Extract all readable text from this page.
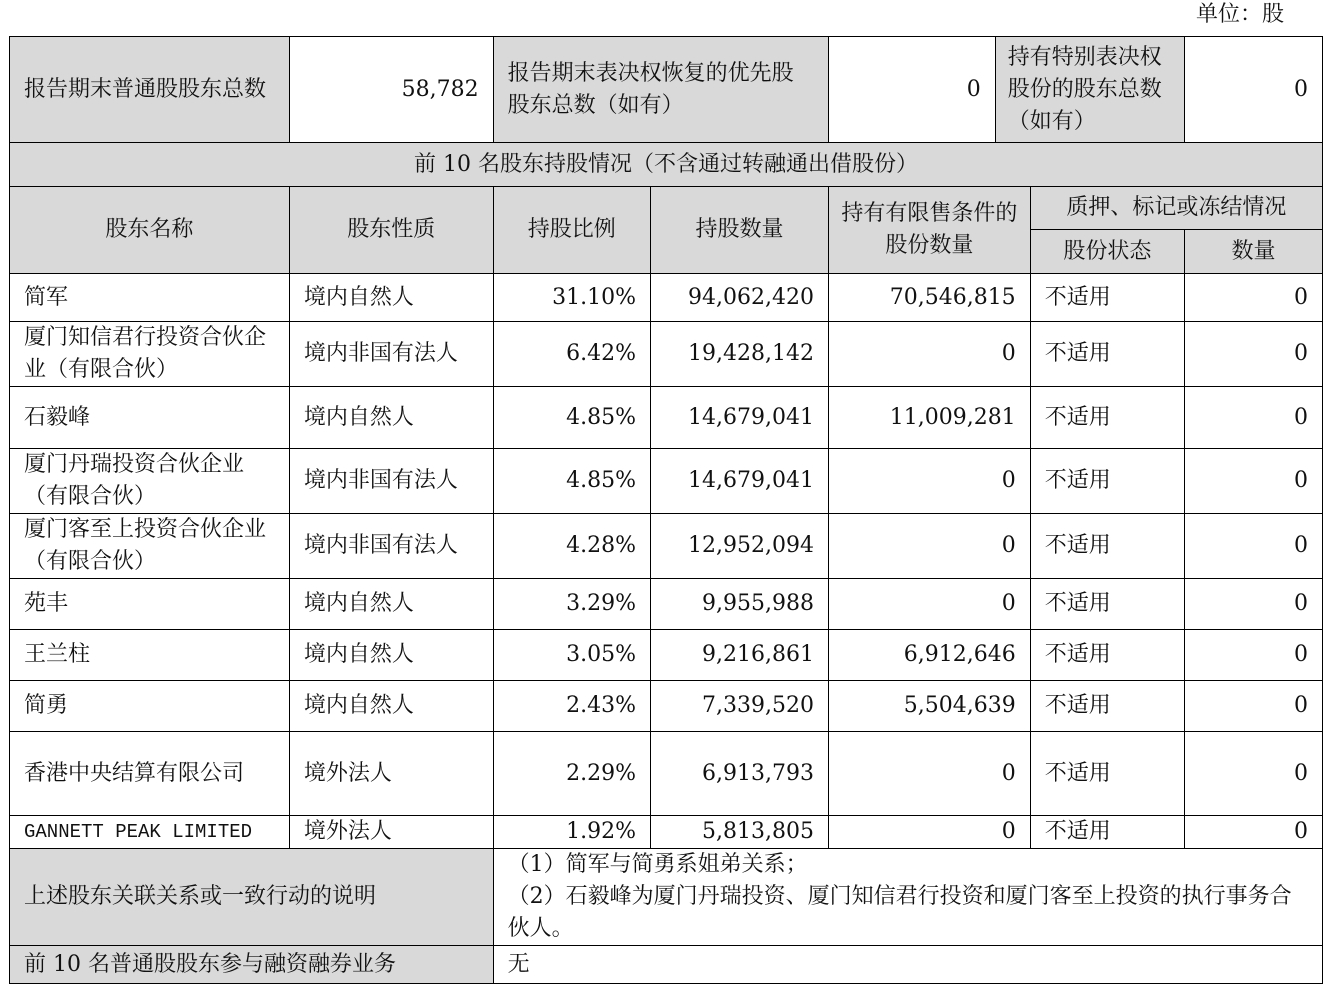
单位：股
报告期末普通股股东总数	58,782	报告期末表决权恢复的优先股股东总数（如有）		0	持有特别表决权股份的股东总数（如有）		0
前 10 名股东持股情况（不含通过转融通出借股份）							
股东名称	股东性质	持股比例	持股数量	持有有限售条件的股份数量		质押、标记或冻结情况	
						股份状态	数量
简军	境内自然人	31.10%	94,062,420	70,546,815		不适用	0
厦门知信君行投资合伙企业（有限合伙）	境内非国有法人	6.42%	19,428,142	0		不适用	0
石毅峰	境内自然人	4.85%	14,679,041	11,009,281		不适用	0
厦门丹瑞投资合伙企业（有限合伙）	境内非国有法人	4.85%	14,679,041	0		不适用	0
厦门客至上投资合伙企业（有限合伙）	境内非国有法人	4.28%	12,952,094	0		不适用	0
苑丰	境内自然人	3.29%	9,955,988	0		不适用	0
王兰柱	境内自然人	3.05%	9,216,861	6,912,646		不适用	0
简勇	境内自然人	2.43%	7,339,520	5,504,639		不适用	0
香港中央结算有限公司	境外法人	2.29%	6,913,793	0		不适用	0
GANNETT PEAK LIMITED	境外法人	1.92%	5,813,805	0		不适用	0
上述股东关联关系或一致行动的说明		（1）简军与简勇系姐弟关系；
（2）石毅峰为厦门丹瑞投资、厦门知信君行投资和厦门客至上投资的执行事务合伙人。					

前 10 名普通股股东参与融资融券业务		无					
